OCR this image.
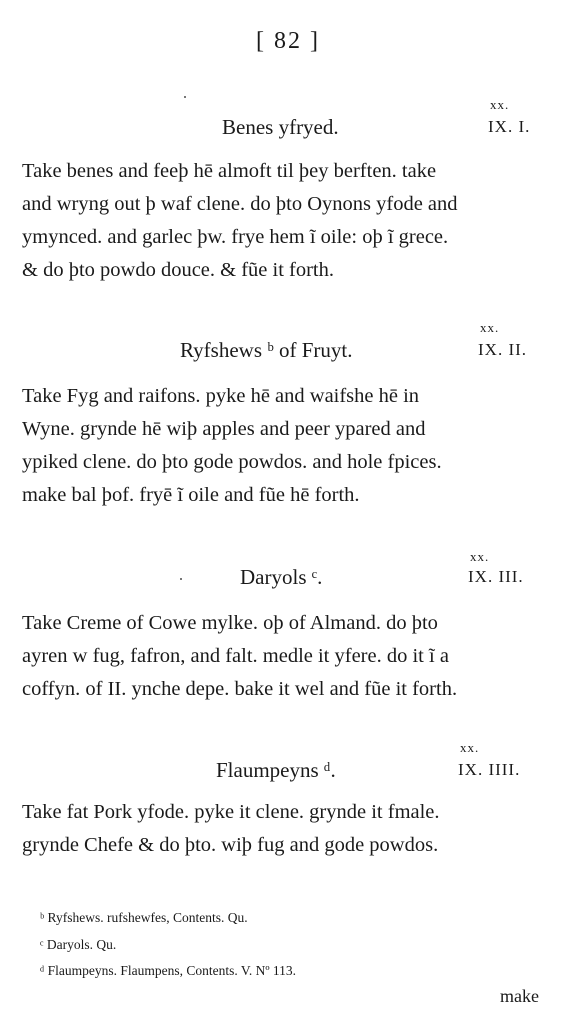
[ 82 ]
xx.
Benes yfryed.	IX. I.
Take benes and feeþ hē almoft til þey berften. take
and wryng out þ waf clene. do þto Oynons yfode and
ymynced. and garlec þw. frye hem ĩ oile: oþ ĩ grece.
& do þto powdo douce. & fũe it forth.
xx.
Ryfshews ᵇ of Fruyt.	IX. II.
Take Fyg and raifons. pyke hē and waifshe hē in
Wyne. grynde hē wiþ apples and peer ypared and
ypiked clene. do þto gode powdos. and hole fpices.
make bal þof. fryē ĩ oile and fũe hē forth.
xx.
Daryols ᶜ.	IX. III.
Take Creme of Cowe mylke. oþ of Almand. do þto
ayren w fug, fafron, and falt. medle it yfere. do it ĩ a
coffyn. of II. ynche depe. bake it wel and fũe it forth.
xx.
Flaumpeyns ᵈ.	IX. IIII.
Take fat Pork yfode. pyke it clene. grynde it fmale.
grynde Chefe & do þto. wiþ fug and gode powdos.
ᵇ Ryfshews. rufshewfes, Contents. Qu.
ᶜ Daryols. Qu.
ᵈ Flaumpeyns. Flaumpens, Contents. V. Nº 113.
make
